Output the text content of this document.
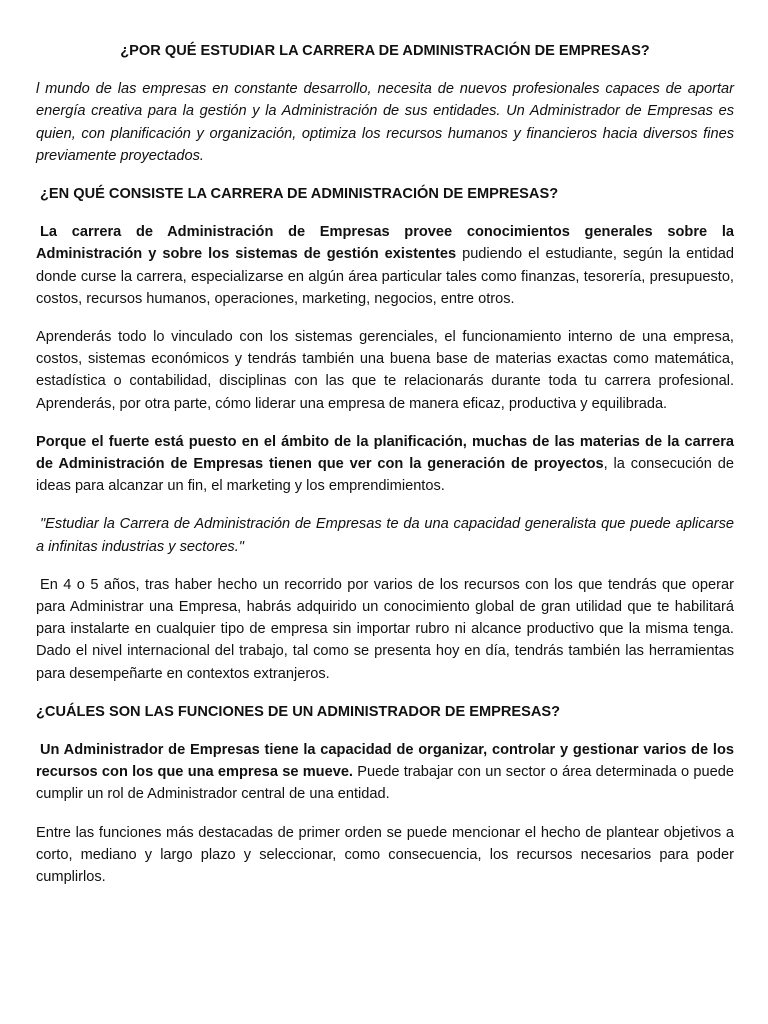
¿POR QUÉ ESTUDIAR LA CARRERA DE ADMINISTRACIÓN DE EMPRESAS?
l mundo de las empresas en constante desarrollo, necesita de nuevos profesionales capaces de aportar energía creativa para la gestión y la Administración de sus entidades. Un Administrador de Empresas es quien, con planificación y organización, optimiza los recursos humanos y financieros hacia diversos fines previamente proyectados.
¿EN QUÉ CONSISTE LA CARRERA DE ADMINISTRACIÓN DE EMPRESAS?
La carrera de Administración de Empresas provee conocimientos generales sobre la Administración y sobre los sistemas de gestión existentes pudiendo el estudiante, según la entidad donde curse la carrera, especializarse en algún área particular tales como finanzas, tesorería, presupuesto, costos, recursos humanos, operaciones, marketing, negocios, entre otros.
Aprenderás todo lo vinculado con los sistemas gerenciales, el funcionamiento interno de una empresa, costos, sistemas económicos y tendrás también una buena base de materias exactas como matemática, estadística o contabilidad, disciplinas con las que te relacionarás durante toda tu carrera profesional. Aprenderás, por otra parte, cómo liderar una empresa de manera eficaz, productiva y equilibrada.
Porque el fuerte está puesto en el ámbito de la planificación, muchas de las materias de la carrera de Administración de Empresas tienen que ver con la generación de proyectos, la consecución de ideas para alcanzar un fin, el marketing y los emprendimientos.
"Estudiar la Carrera de Administración de Empresas te da una capacidad generalista que puede aplicarse a infinitas industrias y sectores."
En 4 o 5 años, tras haber hecho un recorrido por varios de los recursos con los que tendrás que operar para Administrar una Empresa, habrás adquirido un conocimiento global de gran utilidad que te habilitará para instalarte en cualquier tipo de empresa sin importar rubro ni alcance productivo que la misma tenga. Dado el nivel internacional del trabajo, tal como se presenta hoy en día, tendrás también las herramientas para desempeñarte en contextos extranjeros.
¿CUÁLES SON LAS FUNCIONES DE UN ADMINISTRADOR DE EMPRESAS?
Un Administrador de Empresas tiene la capacidad de organizar, controlar y gestionar varios de los recursos con los que una empresa se mueve. Puede trabajar con un sector o área determinada o puede cumplir un rol de Administrador central de una entidad.
Entre las funciones más destacadas de primer orden se puede mencionar el hecho de plantear objetivos a corto, mediano y largo plazo y seleccionar, como consecuencia, los recursos necesarios para poder cumplirlos.
